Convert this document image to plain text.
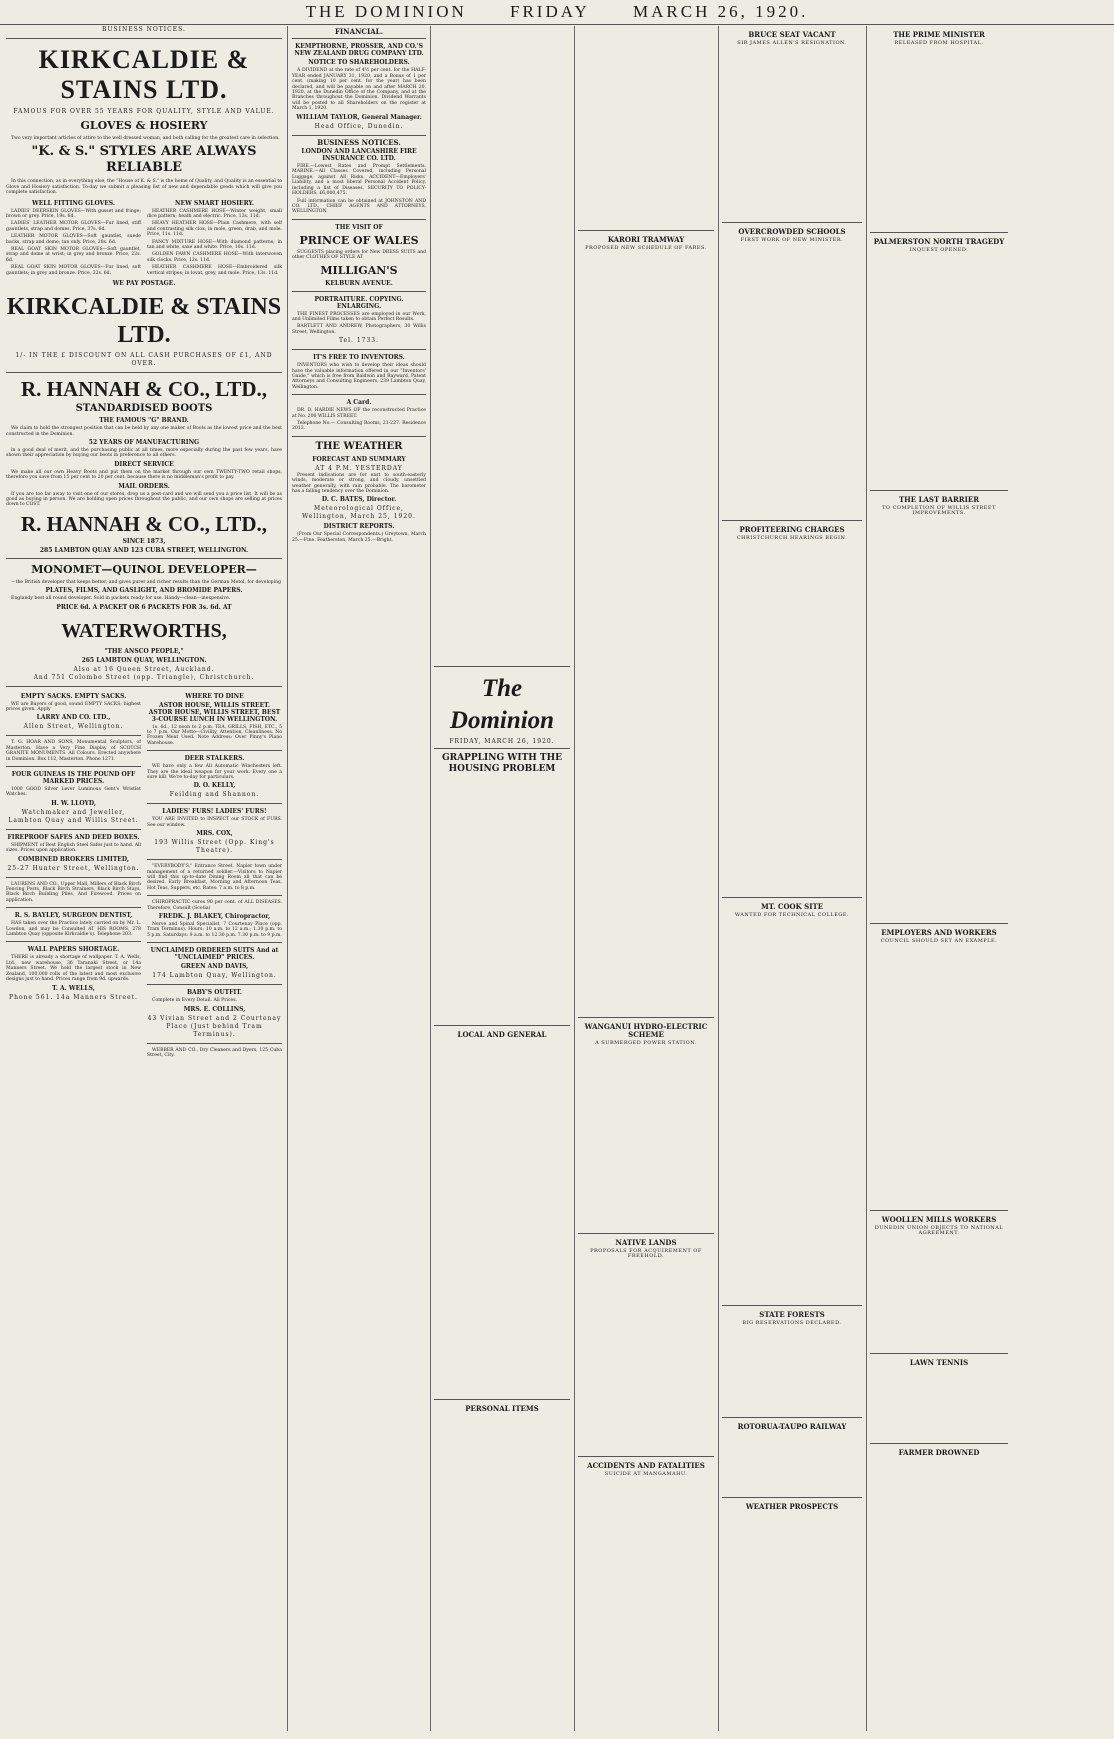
THE DOMINION	FRIDAY	MARCH 26, 1920.
BUSINESS NOTICES.
KIRKCALDIE & STAINS LTD.
FAMOUS FOR OVER 55 YEARS FOR QUALITY, STYLE AND VALUE.
GLOVES & HOSIERY

Two very important articles of attire to the well dressed woman, and both calling for the greatest care in selection.

"K. & S." STYLES ARE ALWAYS RELIABLE

In this connection, as in everything else, the "House of K. & S." is the home of Quality, and Quality is an essential to Glove and Hosiery satisfaction. To-day we submit a pleasing list of new and dependable goods which will give you complete satisfaction.

WELL FITTING GLOVES.

LADIES' DEERSKIN GLOVES—With gusset and fringe; brown or grey. Price, 19s. 6d.

LADIES' LEATHER MOTOR GLOVES—Fur lined, stiff gauntlets, strap and domes. Price, 37s. 6d.

LEATHER MOTOR GLOVES—Soft gauntlet, suede backs, strap and dome; tan only. Price, 28s. 6d.

REAL GOAT SKIN MOTOR GLOVES—Soft gauntlet, strap and dome at wrist; in grey and bronze. Price, 22s. 6d.

REAL GOAT SKIN MOTOR GLOVES—Fur lined, soft gauntlets; in grey and bronze. Price, 32s. 6d.

NEW SMART HOSIERY.

HEATHER CASHMERE HOSE—Winter weight, small dice pattern; heath and electric. Price, 13s. 11d.

HEAVY HEATHER HOSE—Plain Cashmere, with self and contrasting silk clox; in mole, green, drab, and mole. Price, 11s. 11d.

FANCY MIXTURE HOSE—With diamond patterns; in tan and white, saxe and white. Price, 10s. 11d.

GOLDEN FAWN CASHMERE HOSE—With interwoven silk clocks. Price, 12s. 11d.

HEATHER CASHMERE HOSE—Embroidered silk vertical stripes; in lovat, grey, and mole. Price, 13s. 11d.

WE PAY POSTAGE.
KIRKCALDIE & STAINS LTD.
1/- IN THE £ DISCOUNT ON ALL CASH PURCHASES OF £1, AND OVER.
R. HANNAH & CO., LTD.,
STANDARDISED BOOTS
THE FAMOUS "G" BRAND.

We claim to hold the strongest position that can be held by any one maker of Boots as the lowest price and the best constructed in the Dominion.

52 YEARS OF MANUFACTURING

in a good deal of merit, and the purchasing public at all times, more especially during the past few years, have shown their appreciation by buying our boots in preference to all others.

DIRECT SERVICE

We make all our own Heavy Boots and put them on the market through our own TWENTY-TWO retail shops, therefore you save from 15 per cent to 20 per cent. because there is no middleman's profit to pay.

MAIL ORDERS.

If you are too far away to visit one of our stores, drop us a post-card and we will send you a price list. It will be as good as buying in person. We are holding open prices throughout the public, and our own shops are selling at prices down to COST.

R. HANNAH & CO., LTD.,
SINCE 1873,
285 LAMBTON QUAY AND 123 CUBA STREET, WELLINGTON.
MONOMET—QUINOL DEVELOPER—

—the British developer that keeps better, and gives purer and richer results than the German Metol, for developing

PLATES, FILMS, AND GASLIGHT, AND BROMIDE PAPERS.

Englandy best all round developer. Sold in packets ready for use. Handy—clean—inexpensive.

PRICE 6d. A PACKET OR 6 PACKETS FOR 3s. 6d. AT
WATERWORTHS,
"THE ANSCO PEOPLE,"
265 LAMBTON QUAY, WELLINGTON.
Also at 16 Queen Street, Auckland.
And 751 Colombo Street (opp. Triangle), Christchurch.
EMPTY SACKS. EMPTY SACKS.

WE are Buyers of good, sound EMPTY SACKS; highest prices given. Apply

LARRY AND CO. LTD.,
Allen Street, Wellington.

T. G. HOAR AND SONS, Monumental Sculptors, of Masterton. Have a Very Fine Display of SCOTCH GRANITE MONUMENTS. All Colours. Erected anywhere in Dominion. Box 112, Masterton. Phone 1271.

FOUR GUINEAS IS THE POUND OFF MARKED PRICES.

1000 GOOD Silver Lever Luminous Gent's Wristlet Watches.

H. W. LLOYD,
Watchmaker and Jeweller, Lambton Quay and Willis Street.
FIREPROOF SAFES AND DEED BOXES.

SHIPMENT of Best English Steel Safes just to hand. All sizes. Prices upon application.

COMBINED BROKERS LIMITED,
25-27 Hunter Street, Wellington.

LAURENS AND CO., Upper Mall, Millers of Black Birch Fencing Posts, Black Birch Strainers, Black Birch Stays, Black Birch Building Piles, And Firewood. Prices on application.

R. S. BAYLEY, SURGEON DENTIST,

HAS taken over the Practice lately carried on by Mr. L. Lowdon, and may be Consulted AT HIS ROOMS, 278 Lambton Quay (opposite Kirkcaldie's). Telephone 203.

WALL PAPERS SHORTAGE.

THERE is already a shortage of wallpaper. T. A. Wells, Ltd., new warehouse, 36 Taranaki Street, or 14a Manners Street. We hold the largest stock in New Zealand, 100,000 rolls of the latest and most exclusive designs just to hand. Prices range from 9d. upwards.

T. A. WELLS,
Phone 561. 14a Manners Street.
WHERE TO DINE
ASTOR HOUSE, WILLIS STREET. ASTOR HOUSE, WILLIS STREET, BEST 3-COURSE LUNCH IN WELLINGTON.

1s. 6d., 12 noon to 2 p.m. TEA, GRILLS, FISH, ETC., 5 to 7 p.m. Our Motto—Civility, Attention, Cleanliness. No Frozen Meat Used. Note Address: Over Pinny's Piano Warehouse.

DEER STALKERS.

WE have only a few All Automatic Winchesters left. They are the ideal weapon for your work. Every one a sure kill. We're to-day for particulars.

D. O. KELLY,
Feilding and Shannon.
LADIES' FURS! LADIES' FURS!

YOU ARE INVITED to INSPECT our STOCK of FURS. See our window.

MRS. COX,
193 Willis Street (Opp. King's Theatre).

"EVERYBODY'S," Entrance Street. Napier town under management of a returned soldier.—Visitors to Napier will find this up-to-date Dining Room all that can be desired. Early Breakfast, Morning and Afternoon Teas, Hot Teas, Suppers, etc. Rates: 7 a.m. to 8 p.m.

CHIROPRACTIC cures 90 per cent. of ALL DISEASES. Therefore, Consult (Scotia)

FREDK. J. BLAKEY, Chiropractor,

Nerve and Spinal Specialist, 7 Courtenay Place (opp. Tram Terminus). Hours: 10 a.m. to 12 a.m.; 1.30 p.m. to 5 p.m. Saturdays: 9 a.m. to 12.30 p.m. 7.30 p.m. to 9 p.m.

UNCLAIMED ORDERED SUITS And at "UNCLAIMED" PRICES.
GREEN AND DAVIS,
174 Lambton Quay, Wellington.
BABY'S OUTFIT.

Complete in Every Detail. All Prices.

MRS. E. COLLINS,
43 Vivian Street and 2 Courtenay Place (Just behind Tram Terminus).

WEBBER AND CO., Dry Cleaners and Dyers, 125 Cuba Street, City.

FINANCIAL.
KEMPTHORNE, PROSSER, AND CO.'S NEW ZEALAND DRUG COMPANY LTD.
NOTICE TO SHAREHOLDERS.

A DIVIDEND at the rate of 4½ per cent. for the HALF-YEAR ended JANUARY 31, 1920, and a Bonus of 1 per cent. (making 10 per cent. for the year) has been declared, and will be payable on and after MARCH 20, 1920, at the Dunedin Office of the Company, and at the Branches throughout the Dominion. Dividend Warrants will be posted to all Shareholders on the register at March 1, 1920.

WILLIAM TAYLOR, General Manager.
Head Office, Dunedin.
BUSINESS NOTICES.
LONDON AND LANCASHIRE FIRE INSURANCE CO. LTD.

FIRE.—Lowest Rates and Prompt Settlements. MARINE.—All Classes Covered, including Personal Luggage, against All Risks. ACCIDENT—Employers' Liability, and a most liberal Personal Accident Policy, including a list of Diseases. SECURITY TO POLICY-HOLDERS, £6,000,475.

Full information can be obtained at JOHNSTON AND CO. LTD., CHIEF AGENTS AND ATTORNEYS, WELLINGTON.

THE VISIT OF
PRINCE OF WALES

SUGGESTS placing orders for New DRESS SUITS and other CLOTHES OF STYLE AT

MILLIGAN'S
KELBURN AVENUE.
PORTRAITURE. COPYING. ENLARGING.

THE FINEST PROCESSES are employed in our Work, and Unlimited Films taken to obtain Perfect Results.

BARTLETT AND ANDREW, Photographers, 30 Willis Street, Wellington.

Tel. 1733.
IT'S FREE TO INVENTORS.

INVENTORS who wish to develop their ideas should have the valuable information offered in our "Inventors' Guide," which is free from Baldwin and Rayward, Patent Attorneys and Consulting Engineers, 239 Lambton Quay, Wellington.

A Card.

DR. D. HARDIE NEWS OF the reconstructed Practice at No. 200 WILLIS STREET.

Telephone No.— Consulting Rooms, 21-227. Residence 2013.

THE WEATHER
FORECAST AND SUMMARY
AT 4 P.M. YESTERDAY

Present indications are for east to south-easterly winds, moderate or strong, and cloudy, unsettled weather generally, with rain probable. The barometer has a falling tendency over the Dominion.

D. C. BATES, Director.
Meteorological Office, Wellington, March 25, 1920.
DISTRICT REPORTS.

(From Our Special Correspondents.) Greytown, March 25.—Fine. Featherston, March 25.—Bright.

The Dominion
FRIDAY, MARCH 26, 1920.
GRAPPLING WITH THE HOUSING PROBLEM
LOCAL AND GENERAL
PERSONAL ITEMS
KARORI TRAMWAY
PROPOSED NEW SCHEDULE OF FARES.
WANGANUI HYDRO-ELECTRIC SCHEME
A SUBMERGED POWER STATION.
NATIVE LANDS
PROPOSALS FOR ACQUIREMENT OF FREEHOLD.
ACCIDENTS AND FATALITIES
SUICIDE AT MANGAMAHU.
BRUCE SEAT VACANT
SIR JAMES ALLEN'S RESIGNATION.
OVERCROWDED SCHOOLS
FIRST WORK OF NEW MINISTER.
PROFITEERING CHARGES
CHRISTCHURCH HEARINGS BEGIN.
MT. COOK SITE
WANTED FOR TECHNICAL COLLEGE.
STATE FORESTS
BIG RESERVATIONS DECLARED.
ROTORUA-TAUPO RAILWAY
WEATHER PROSPECTS
THE PRIME MINISTER
RELEASED FROM HOSPITAL.
PALMERSTON NORTH TRAGEDY
INQUEST OPENED.
THE LAST BARRIER
TO COMPLETION OF WILLIS STREET IMPROVEMENTS.
EMPLOYERS AND WORKERS
COUNCIL SHOULD SET AN EXAMPLE.
WOOLLEN MILLS WORKERS
DUNEDIN UNION OBJECTS TO NATIONAL AGREEMENT.
LAWN TENNIS
FARMER DROWNED
